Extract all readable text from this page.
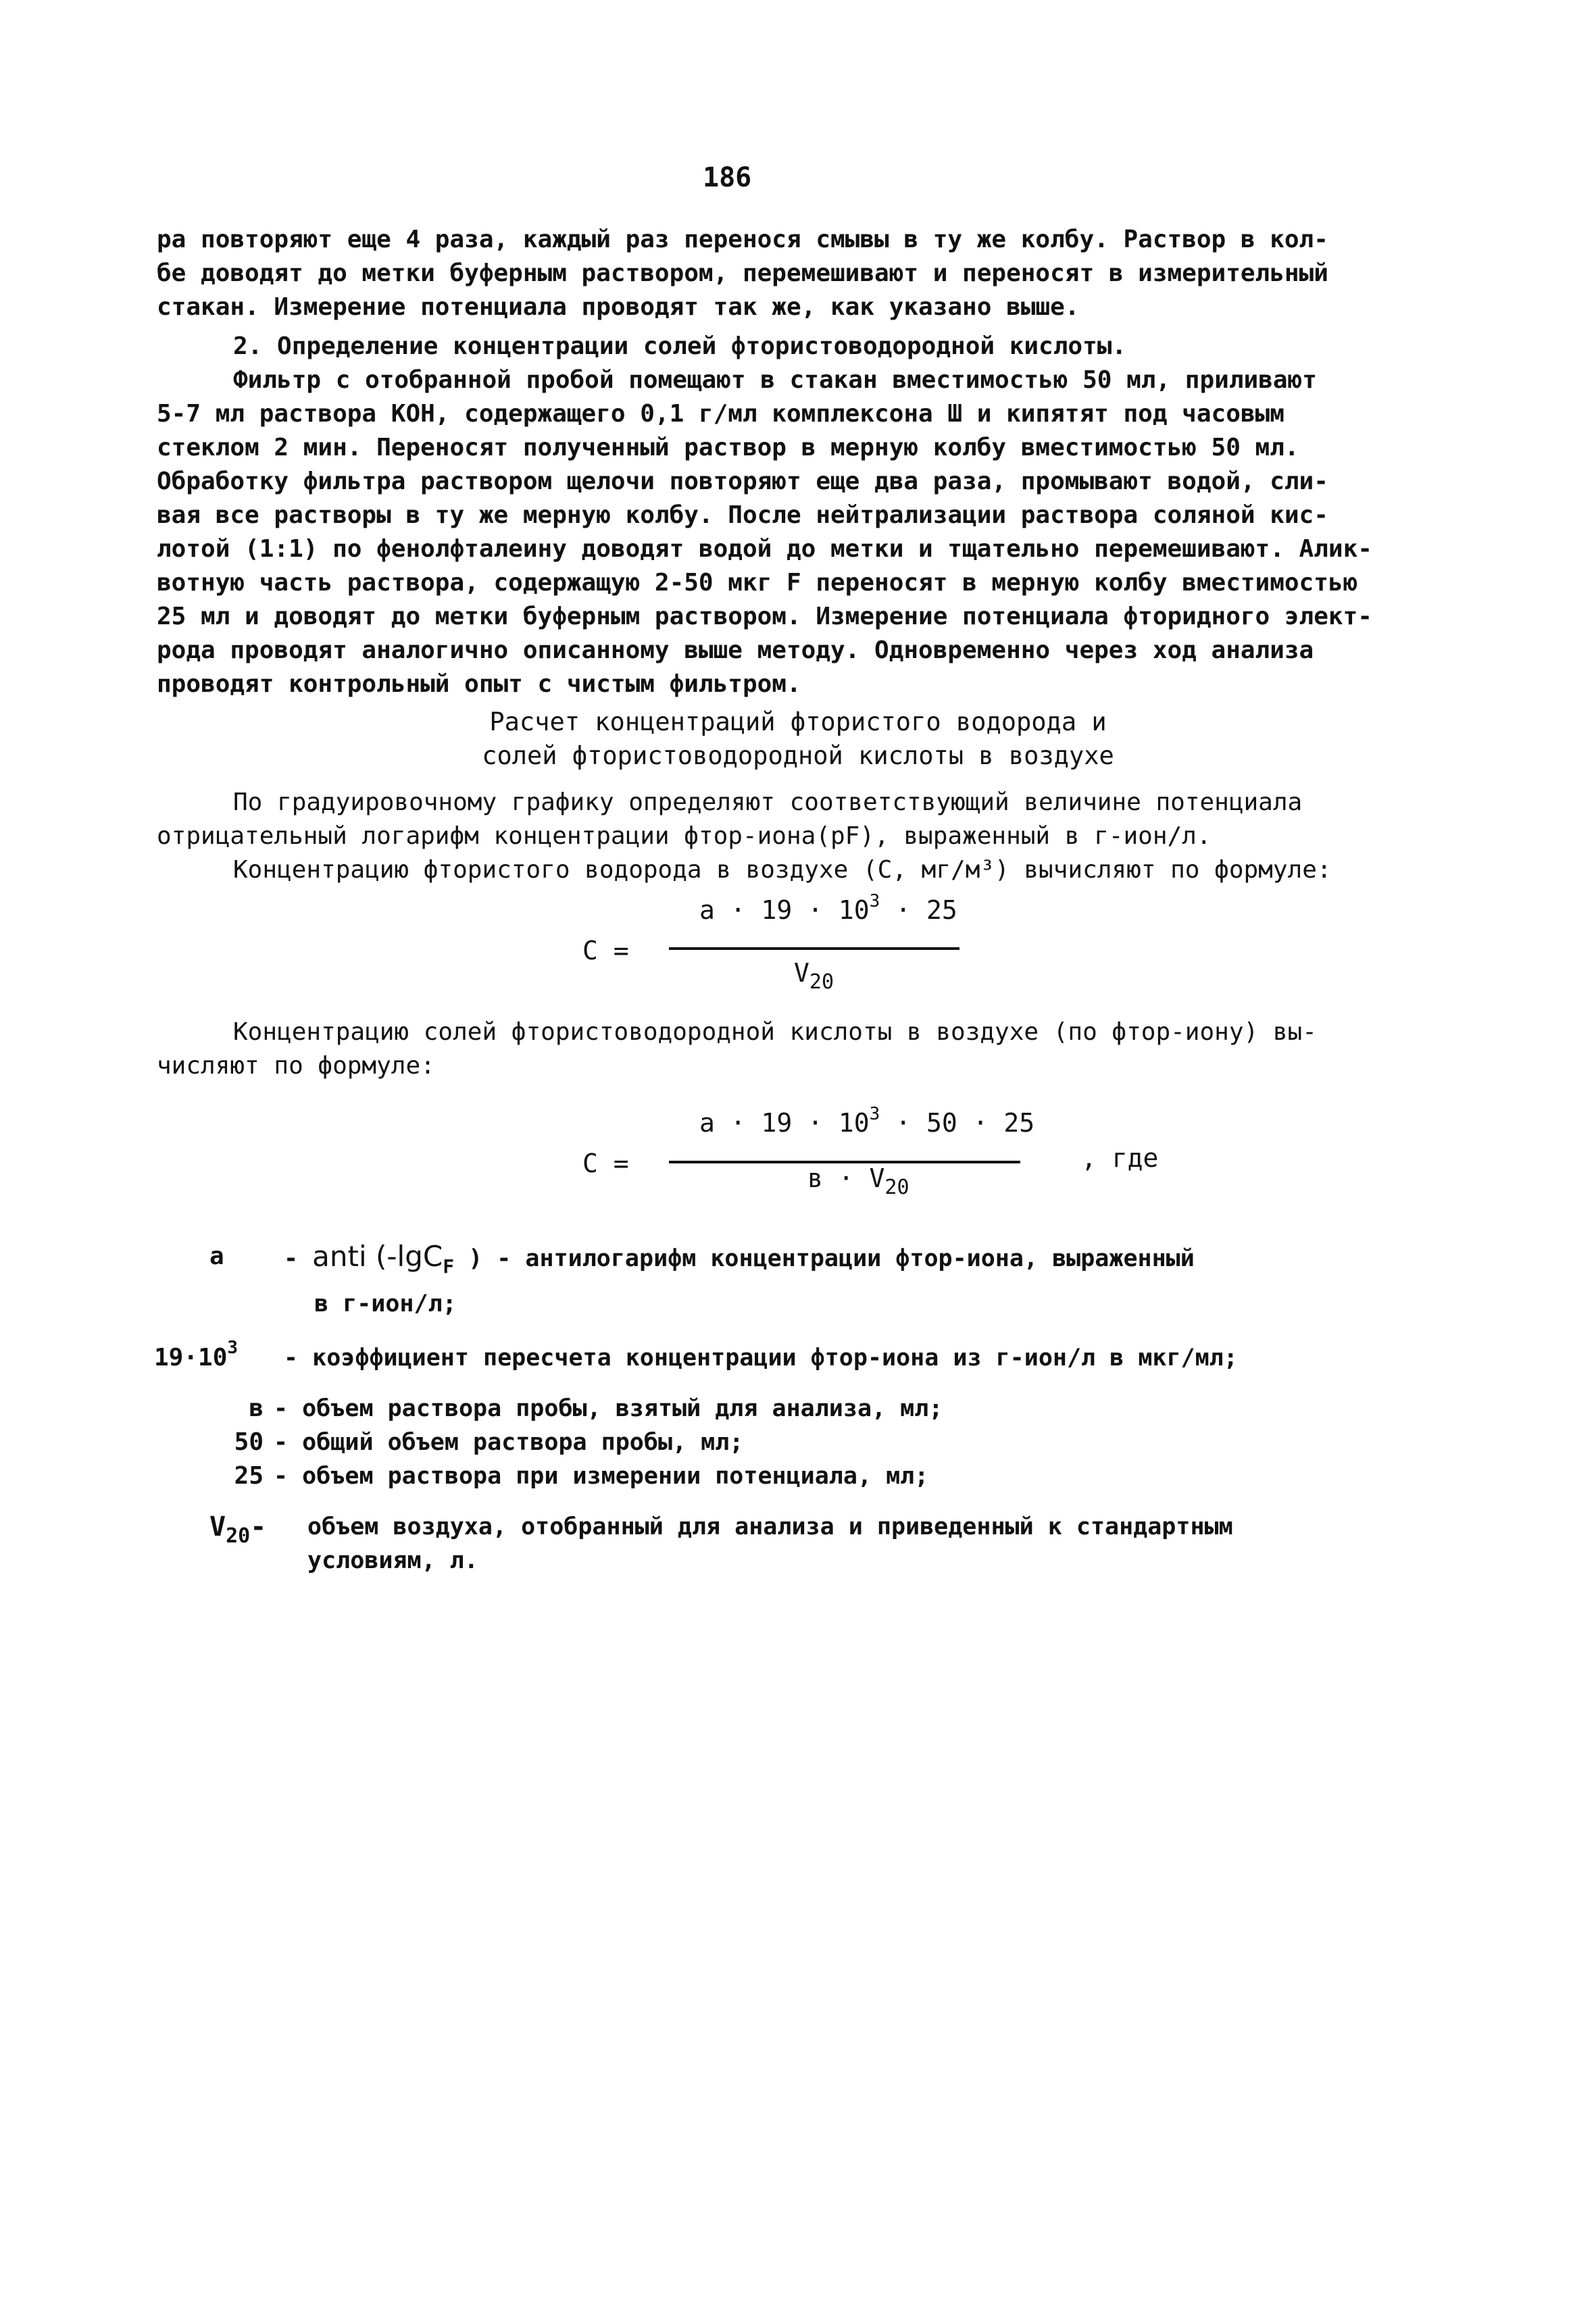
186
ра повторяют еще 4 раза, каждый раз перенося смывы в ту же колбу. Раствор в кол-
бе доводят до метки буферным раствором, перемешивают и переносят в измерительный
стакан. Измерение потенциала проводят так же, как указано выше.
2. Определение концентрации солей фтористоводородной кислоты.
Фильтр с отобранной пробой помещают в стакан вместимостью 50 мл, приливают
5-7 мл раствора КОН, содержащего 0,1 г/мл комплексона Ш и кипятят под часовым
стеклом 2 мин. Переносят полученный раствор в мерную колбу вместимостью 50 мл.
Обработку фильтра раствором щелочи повторяют еще два раза, промывают водой, сли-
вая все растворы в ту же мерную колбу. После нейтрализации раствора соляной кис-
лотой (1:1) по фенолфталеину доводят водой до метки и тщательно перемешивают. Алик-
вотную часть раствора, содержащую 2-50 мкг F переносят в мерную колбу вместимостью
25 мл и доводят до метки буферным раствором. Измерение потенциала фторидного элект-
рода проводят аналогично описанному выше методу. Одновременно через ход анализа
проводят контрольный опыт с чистым фильтром.
Расчет концентраций фтористого водорода и
солей фтористоводородной кислоты в воздухе
По градуировочному графику определяют соответствующий величине потенциала
отрицательный логарифм концентрации фтор-иона(pF), выраженный в г-ион/л.
Концентрацию фтористого водорода в воздухе (С, мг/м³) вычисляют по формуле:
С =
$а \cdot 19 \cdot 10^3 \cdot 25$
$V_{20}$
Концентрацию солей фтористоводородной кислоты в воздухе (по фтор-иону) вы-
числяют по формуле:
С =
$а \cdot 19 \cdot 10^3 \cdot 50 \cdot 25$
$в \cdot V_{20}$
, где
а	- anti (-lgC$_F$ ) - антилогарифм концентрации фтор-иона, выраженный
в г-ион/л;
$19\cdot 10^3$	- коэффициент пересчета концентрации фтор-иона из г-ион/л в мкг/мл;
в - объем раствора пробы, взятый для анализа, мл;
50 - общий объем раствора пробы, мл;
25 - объем раствора при измерении потенциала, мл;
$V_{20}-$	объем воздуха, отобранный для анализа и приведенный к стандартным
условиям, л.
